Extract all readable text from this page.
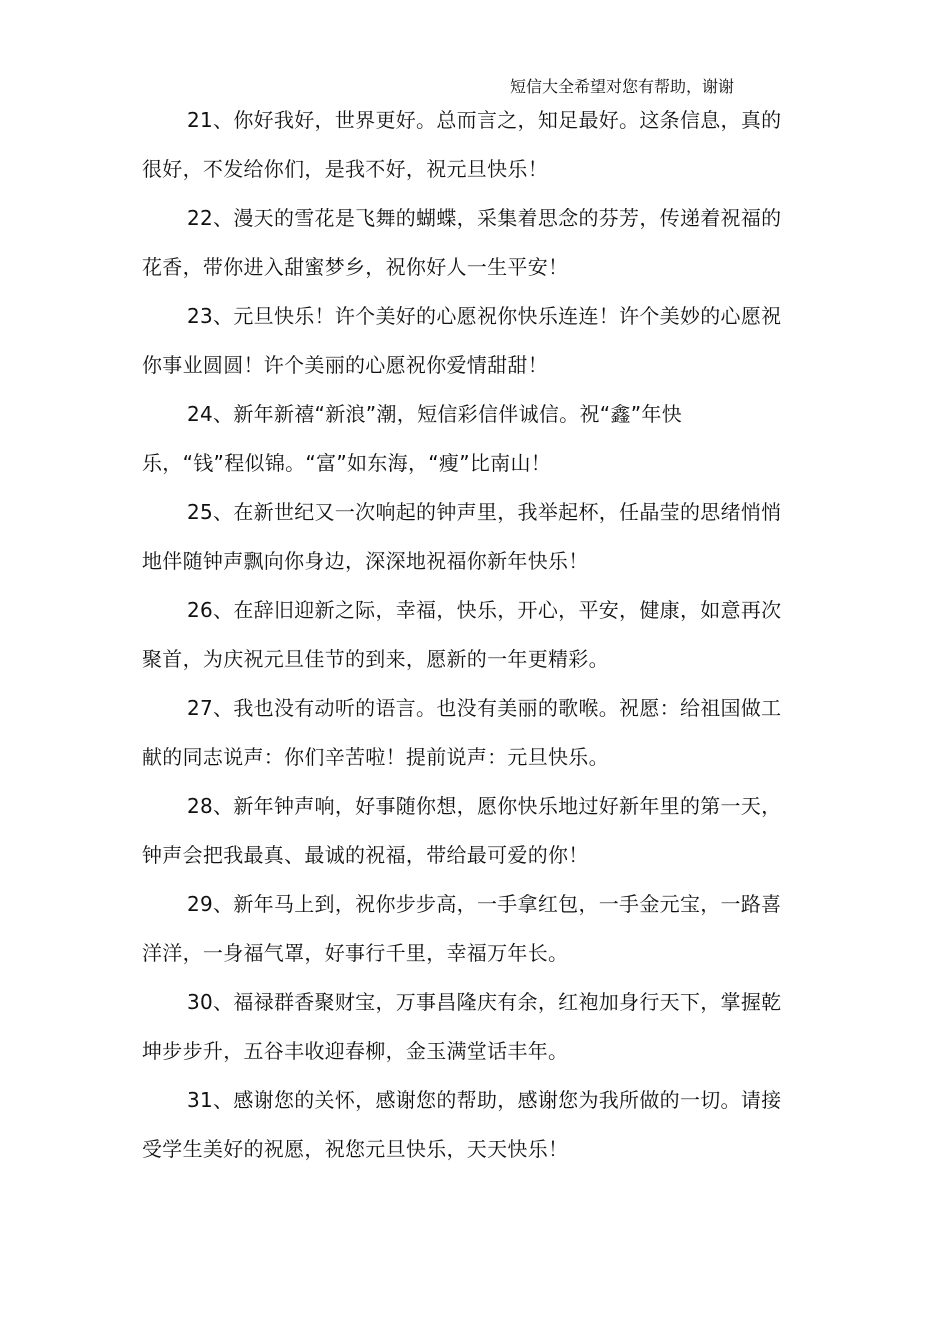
短信大全希望对您有帮助，谢谢

21、你好我好，世界更好。总而言之，知足最好。这条信息，真的很好，不发给你们，是我不好，祝元旦快乐！

22、漫天的雪花是飞舞的蝴蝶，采集着思念的芬芳，传递着祝福的花香，带你进入甜蜜梦乡，祝你好人一生平安！

23、元旦快乐！许个美好的心愿祝你快乐连连！许个美妙的心愿祝你事业圆圆！许个美丽的心愿祝你爱情甜甜！

24、新年新禧“新浪”潮，短信彩信伴诚信。祝“鑫”年快乐，“钱”程似锦。“富”如东海，“瘦”比南山！

25、在新世纪又一次响起的钟声里，我举起杯，任晶莹的思绪悄悄地伴随钟声飘向你身边，深深地祝福你新年快乐！

26、在辞旧迎新之际，幸福，快乐，开心，平安，健康，如意再次聚首，为庆祝元旦佳节的到来，愿新的一年更精彩。

27、我也没有动听的语言。也没有美丽的歌喉。祝愿：给祖国做工献的同志说声：你们辛苦啦！提前说声：元旦快乐。

28、新年钟声响，好事随你想，愿你快乐地过好新年里的第一天，钟声会把我最真、最诚的祝福，带给最可爱的你！

29、新年马上到，祝你步步高，一手拿红包，一手金元宝，一路喜洋洋，一身福气罩，好事行千里，幸福万年长。

30、福禄群香聚财宝，万事昌隆庆有余，红袍加身行天下，掌握乾坤步步升，五谷丰收迎春柳，金玉满堂话丰年。

31、感谢您的关怀，感谢您的帮助，感谢您为我所做的一切。请接受学生美好的祝愿，祝您元旦快乐，天天快乐！
